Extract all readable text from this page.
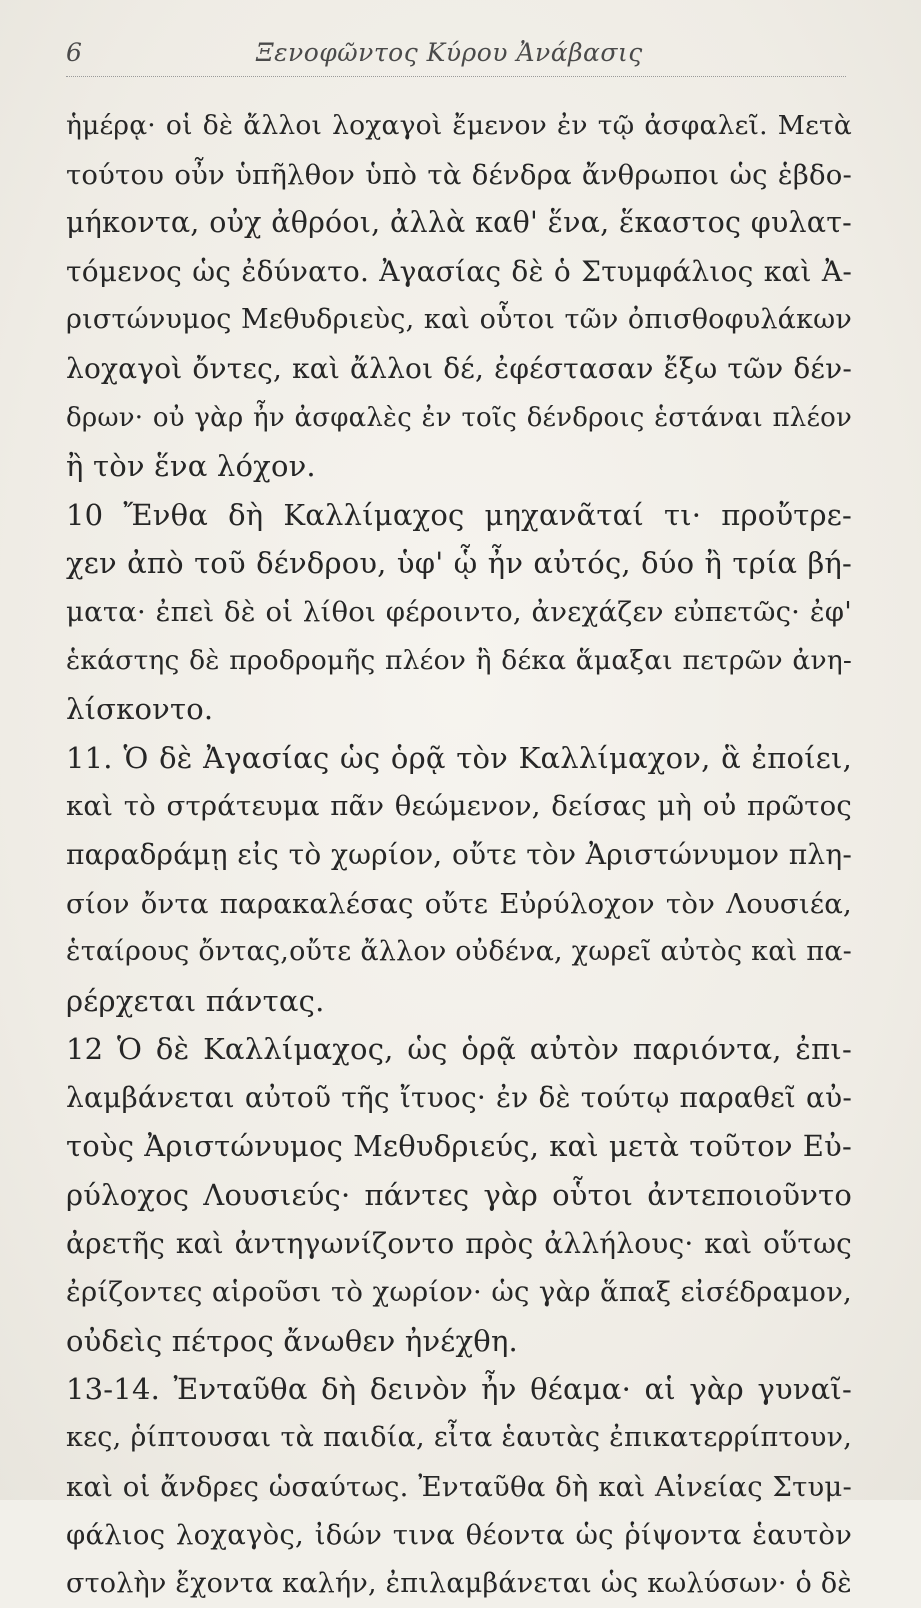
6	Ξενοφῶντος Κύρου Ἀνάβασις
ἡμέρᾳ· οἱ δὲ ἄλλοι λοχαγοὶ ἔμενον ἐν τῷ ἀσφαλεῖ. Μετὰ
τούτου οὖν ὑπῆλθον ὑπὸ τὰ δένδρα ἄνθρωποι ὡς ἑβδο-
μήκοντα, οὐχ ἀθρόοι, ἀλλὰ καθ' ἕνα, ἕκαστος φυλατ-
τόμενος ὡς ἐδύνατο. Ἀγασίας δὲ ὁ Στυμφάλιος καὶ Ἀ-
ριστώνυμος Μεθυδριεὺς, καὶ οὗτοι τῶν ὀπισθοφυλάκων
λοχαγοὶ ὄντες, καὶ ἄλλοι δέ, ἐφέστασαν ἔξω τῶν δέν-
δρων· οὐ γὰρ ἦν ἀσφαλὲς ἐν τοῖς δένδροις ἑστάναι πλέον
ἢ τὸν ἕνα λόχον.
10 Ἔνθα δὴ Καλλίμαχος μηχανᾶταί τι· προὔτρε-
χεν ἀπὸ τοῦ δένδρου, ὑφ' ᾧ ἦν αὐτός, δύο ἢ τρία βή-
ματα· ἐπεὶ δὲ οἱ λίθοι φέροιντο, ἀνεχάζεν εὐπετῶς· ἐφ'
ἑκάστης δὲ προδρομῆς πλέον ἢ δέκα ἅμαξαι πετρῶν ἀνη-
λίσκοντο.
11. Ὁ δὲ Ἀγασίας ὡς ὁρᾷ τὸν Καλλίμαχον, ἃ ἐποίει,
καὶ τὸ στράτευμα πᾶν θεώμενον, δείσας μὴ οὐ πρῶτος
παραδράμῃ εἰς τὸ χωρίον, οὔτε τὸν Ἀριστώνυμον πλη-
σίον ὄντα παρακαλέσας οὔτε Εὐρύλοχον τὸν Λουσιέα,
ἑταίρους ὄντας,οὔτε ἄλλον οὐδένα, χωρεῖ αὐτὸς καὶ πα-
ρέρχεται πάντας.
12 Ὁ δὲ Καλλίμαχος, ὡς ὁρᾷ αὐτὸν παριόντα, ἐπι-
λαμβάνεται αὐτοῦ τῆς ἴτυος· ἐν δὲ τούτῳ παραθεῖ αὐ-
τοὺς Ἀριστώνυμος Μεθυδριεύς, καὶ μετὰ τοῦτον Εὐ-
ρύλοχος Λουσιεύς· πάντες γὰρ οὗτοι ἀντεποιοῦντο
ἀρετῆς καὶ ἀντηγωνίζοντο πρὸς ἀλλήλους· καὶ οὕτως
ἐρίζοντες αἱροῦσι τὸ χωρίον· ὡς γὰρ ἅπαξ εἰσέδραμον,
οὐδεὶς πέτρος ἄνωθεν ἠνέχθη.
13-14. Ἐνταῦθα δὴ δεινὸν ἦν θέαμα· αἱ γὰρ γυναῖ-
κες, ῥίπτουσαι τὰ παιδία, εἶτα ἑαυτὰς ἐπικατερρίπτουν,
καὶ οἱ ἄνδρες ὡσαύτως. Ἐνταῦθα δὴ καὶ Αἰνείας Στυμ-
φάλιος λοχαγὸς, ἰδών τινα θέοντα ὡς ῥίψοντα ἑαυτὸν
στολὴν ἔχοντα καλήν, ἐπιλαμβάνεται ὡς κωλύσων· ὁ δὲ
